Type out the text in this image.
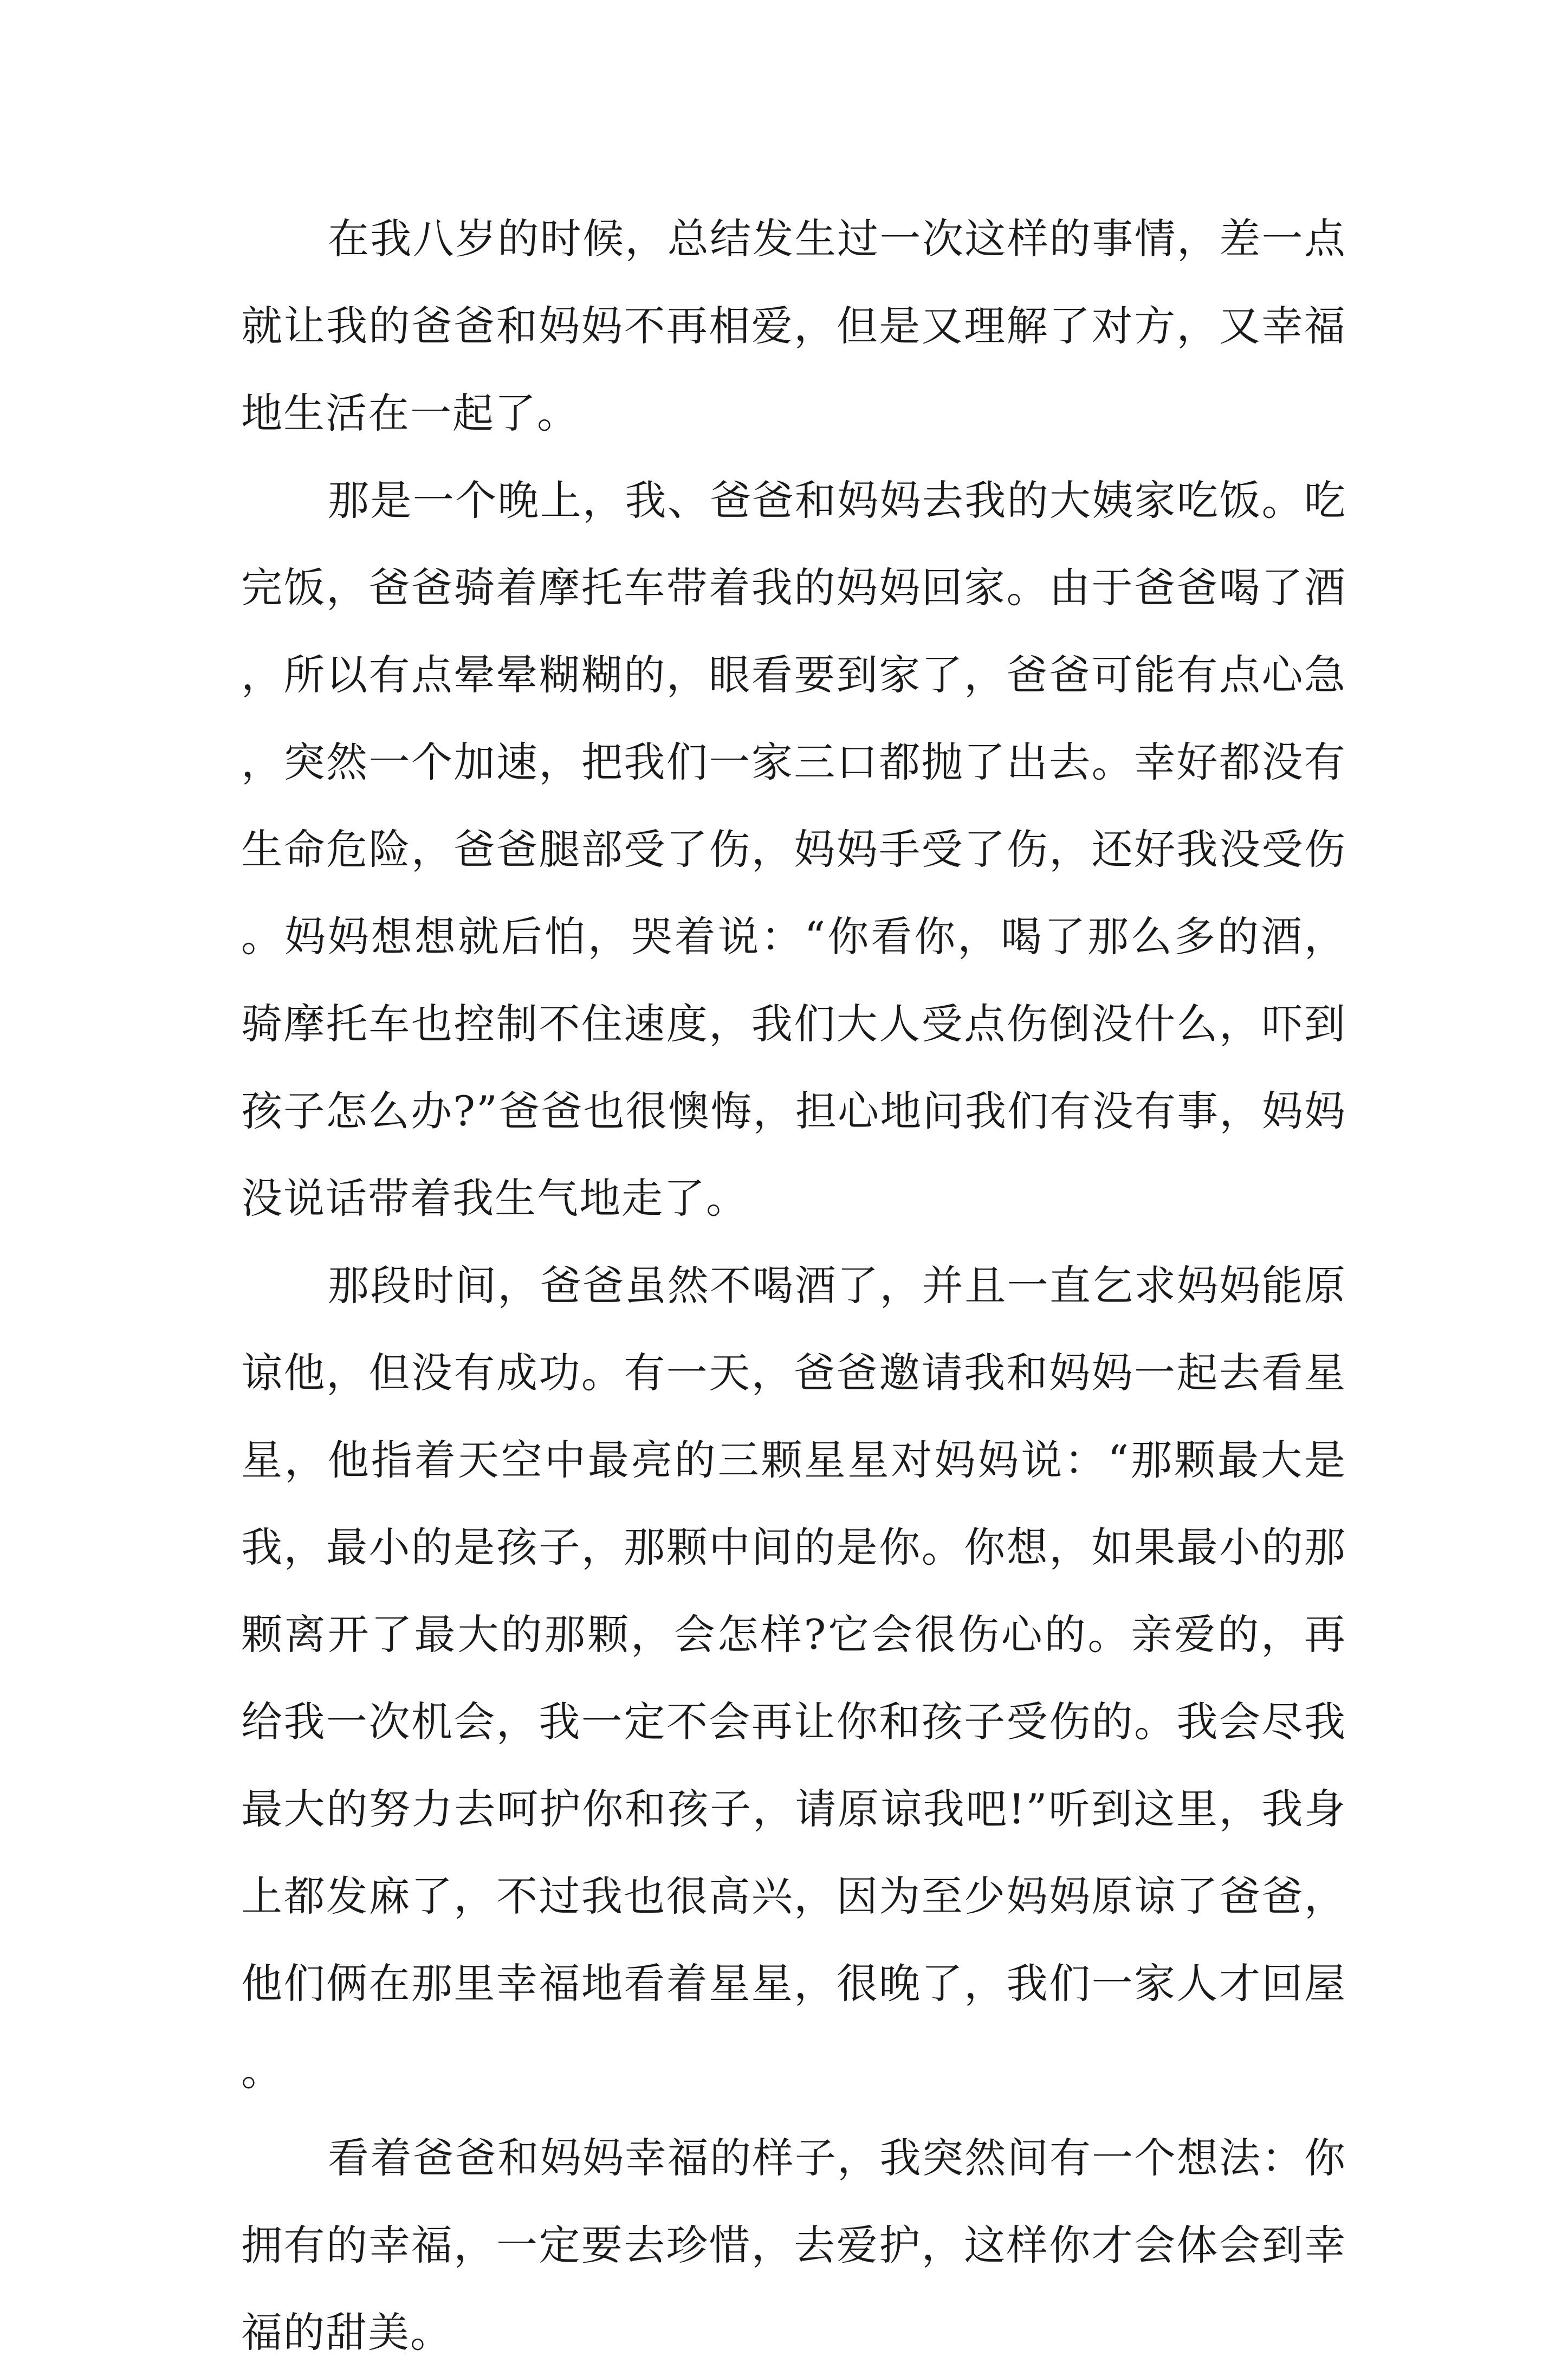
在我八岁的时候，总结发生过一次这样的事情，差一点就让我的爸爸和妈妈不再相爱，但是又理解了对方，又幸福地生活在一起了。

那是一个晚上，我、爸爸和妈妈去我的大姨家吃饭。吃完饭，爸爸骑着摩托车带着我的妈妈回家。由于爸爸喝了酒，所以有点晕晕糊糊的，眼看要到家了，爸爸可能有点心急，突然一个加速，把我们一家三口都抛了出去。幸好都没有生命危险，爸爸腿部受了伤，妈妈手受了伤，还好我没受伤。妈妈想想就后怕，哭着说：“你看你，喝了那么多的酒，骑摩托车也控制不住速度，我们大人受点伤倒没什么，吓到孩子怎么办?”爸爸也很懊悔，担心地问我们有没有事，妈妈没说话带着我生气地走了。

那段时间，爸爸虽然不喝酒了，并且一直乞求妈妈能原谅他，但没有成功。有一天，爸爸邀请我和妈妈一起去看星星，他指着天空中最亮的三颗星星对妈妈说：“那颗最大是我，最小的是孩子，那颗中间的是你。你想，如果最小的那颗离开了最大的那颗，会怎样?它会很伤心的。亲爱的，再给我一次机会，我一定不会再让你和孩子受伤的。我会尽我最大的努力去呵护你和孩子，请原谅我吧!”听到这里，我身上都发麻了，不过我也很高兴，因为至少妈妈原谅了爸爸，他们俩在那里幸福地看着星星，很晚了，我们一家人才回屋。

看着爸爸和妈妈幸福的样子，我突然间有一个想法：你拥有的幸福，一定要去珍惜，去爱护，这样你才会体会到幸福的甜美。
